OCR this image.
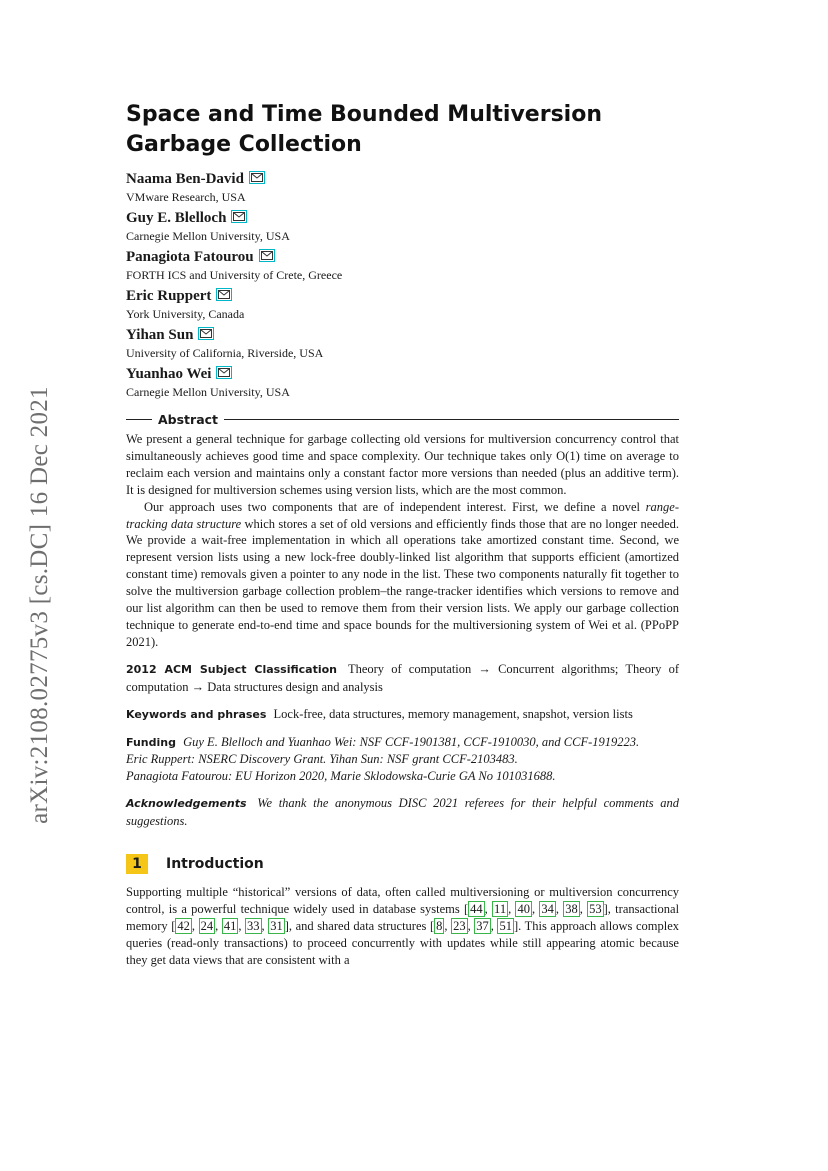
arXiv:2108.02775v3 [cs.DC] 16 Dec 2021
Space and Time Bounded Multiversion Garbage Collection
Naama Ben-David
VMware Research, USA
Guy E. Blelloch
Carnegie Mellon University, USA
Panagiota Fatourou
FORTH ICS and University of Crete, Greece
Eric Ruppert
York University, Canada
Yihan Sun
University of California, Riverside, USA
Yuanhao Wei
Carnegie Mellon University, USA
Abstract

We present a general technique for garbage collecting old versions for multiversion concurrency control that simultaneously achieves good time and space complexity. Our technique takes only O(1) time on average to reclaim each version and maintains only a constant factor more versions than needed (plus an additive term). It is designed for multiversion schemes using version lists, which are the most common.

Our approach uses two components that are of independent interest. First, we define a novel range-tracking data structure which stores a set of old versions and efficiently finds those that are no longer needed. We provide a wait-free implementation in which all operations take amortized constant time. Second, we represent version lists using a new lock-free doubly-linked list algorithm that supports efficient (amortized constant time) removals given a pointer to any node in the list. These two components naturally fit together to solve the multiversion garbage collection problem–the range-tracker identifies which versions to remove and our list algorithm can then be used to remove them from their version lists. We apply our garbage collection technique to generate end-to-end time and space bounds for the multiversioning system of Wei et al. (PPoPP 2021).

2012 ACM Subject Classification Theory of computation → Concurrent algorithms; Theory of computation → Data structures design and analysis
Keywords and phrases Lock-free, data structures, memory management, snapshot, version lists
Funding Guy E. Blelloch and Yuanhao Wei: NSF CCF-1901381, CCF-1910030, and CCF-1919223.
Eric Ruppert: NSERC Discovery Grant. Yihan Sun: NSF grant CCF-2103483.
Panagiota Fatourou: EU Horizon 2020, Marie Sklodowska-Curie GA No 101031688.
Acknowledgements We thank the anonymous DISC 2021 referees for their helpful comments and suggestions.
1	Introduction

Supporting multiple “historical” versions of data, often called multiversioning or multiversion concurrency control, is a powerful technique widely used in database systems [ 44 , 11 , 40 , 34 , 38 , 53 ], transactional memory [ 42 , 24 , 41 , 33 , 31 ], and shared data structures [ 8 , 23 , 37 , 51 ]. This approach allows complex queries (read-only transactions) to proceed concurrently with updates while still appearing atomic because they get data views that are consistent with a
